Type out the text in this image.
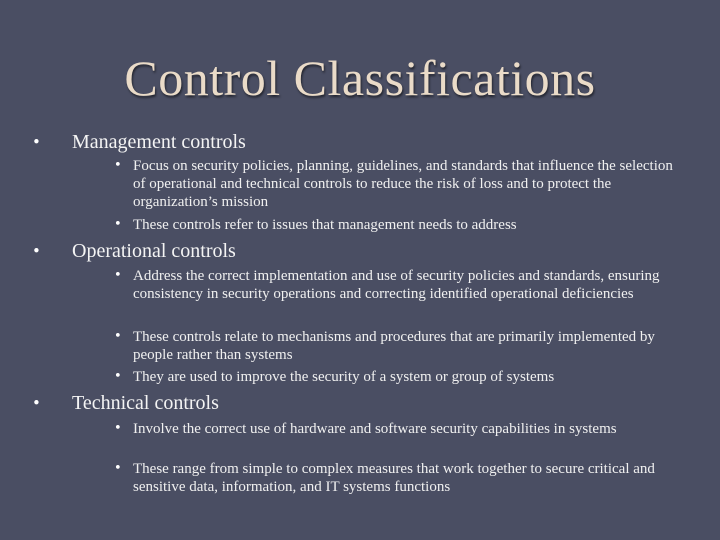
Control Classifications
•	Management controls
• Focus on security policies, planning, guidelines, and standards that influence the selection of operational and technical controls to reduce the risk of loss and to protect the organization’s mission
• These controls refer to issues that management needs to address
•	Operational controls
• Address the correct implementation and use of security policies and standards, ensuring consistency in security operations and correcting identified operational deficiencies
• These controls relate to mechanisms and procedures that are primarily implemented by people rather than systems
• They are used to improve the security of a system or group of systems
•	Technical controls
• Involve the correct use of hardware and software security capabilities in systems
• These range from simple to complex measures that work together to secure critical and sensitive data, information, and IT systems functions
